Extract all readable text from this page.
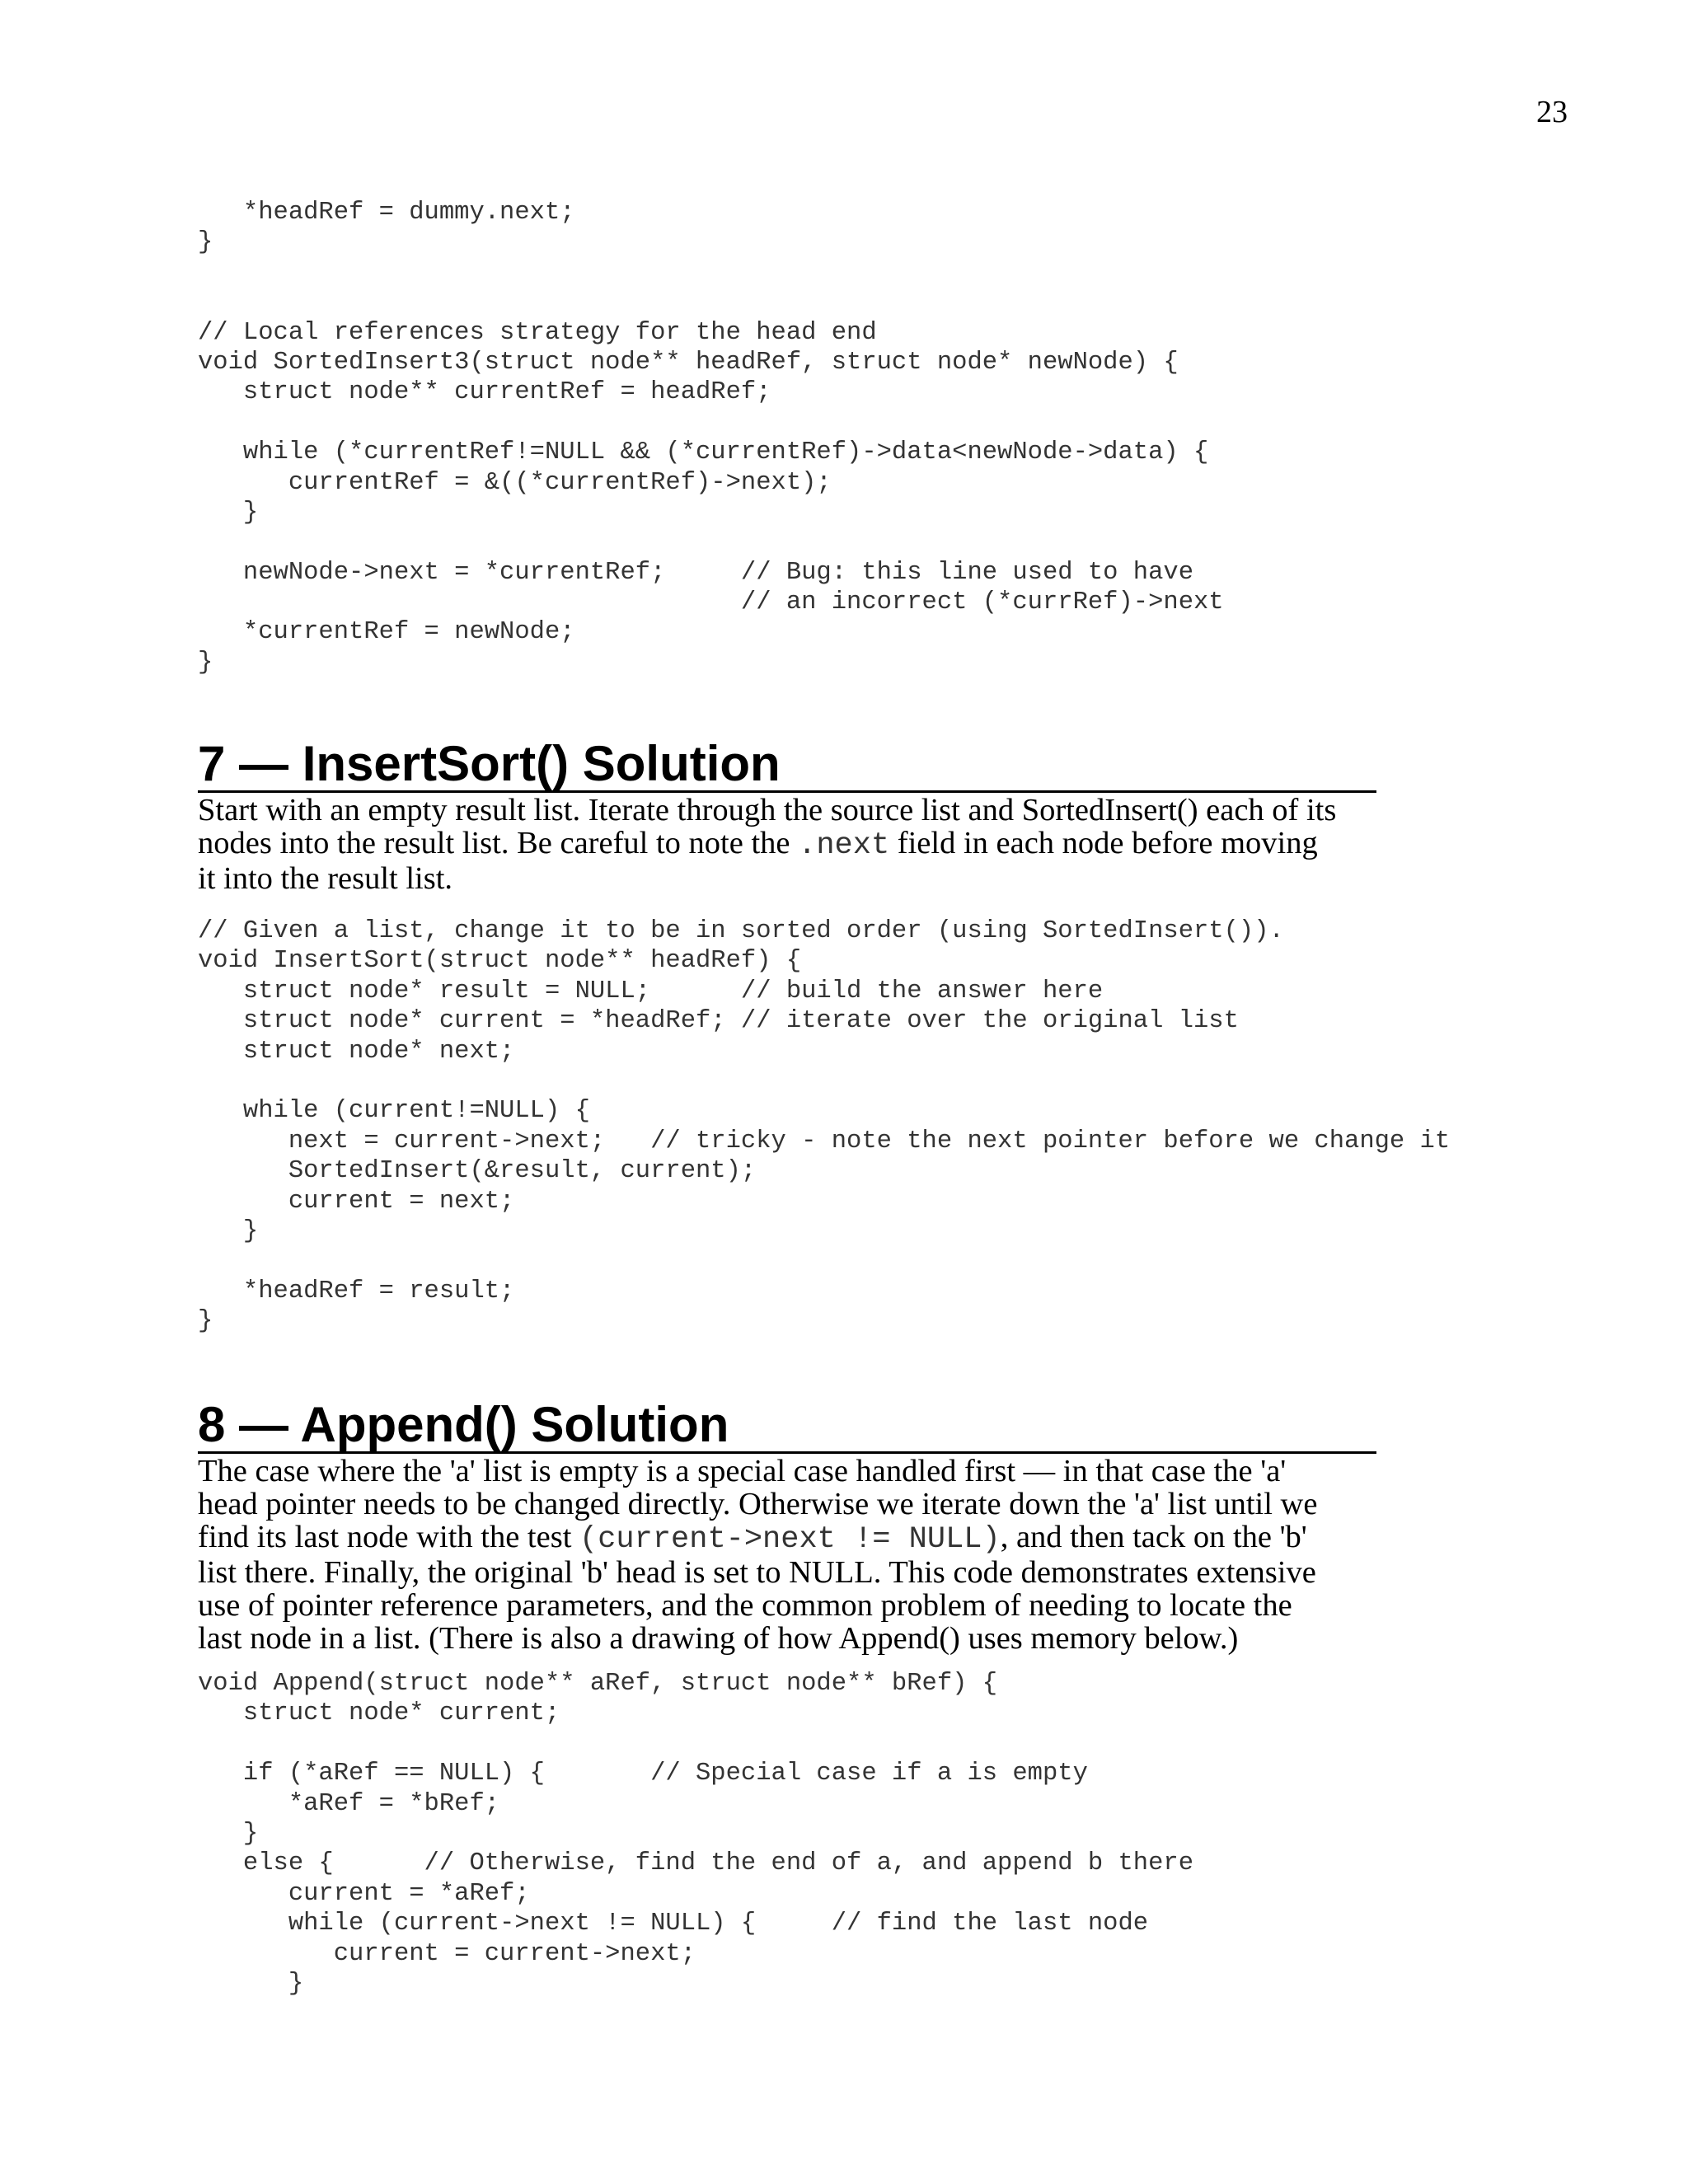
23
*headRef = dummy.next;
}
// Local references strategy for the head end
void SortedInsert3(struct node** headRef, struct node* newNode) {
struct node** currentRef = headRef;
while (*currentRef!=NULL && (*currentRef)->data<newNode->data) {
currentRef = &((*currentRef)->next);
}
newNode->next = *currentRef;     // Bug: this line used to have
// an incorrect (*currRef)->next
*currentRef = newNode;
}
7 — InsertSort() Solution
Start with an empty result list. Iterate through the source list and SortedInsert() each of its
nodes into the result list. Be careful to note the .next field in each node before moving
it into the result list.
// Given a list, change it to be in sorted order (using SortedInsert()).
void InsertSort(struct node** headRef) {
struct node* result = NULL;      // build the answer here
struct node* current = *headRef; // iterate over the original list
struct node* next;
while (current!=NULL) {
next = current->next;   // tricky - note the next pointer before we change it
SortedInsert(&result, current);
current = next;
}
*headRef = result;
}
8 — Append() Solution
The case where the 'a' list is empty is a special case handled first — in that case the 'a'
head pointer needs to be changed directly. Otherwise we iterate down the 'a' list until we
find its last node with the test (current->next != NULL), and then tack on the 'b'
list there. Finally, the original 'b' head is set to NULL. This code demonstrates extensive
use of pointer reference parameters, and the common problem of needing to locate the
last node in a list. (There is also a drawing of how Append() uses memory below.)
void Append(struct node** aRef, struct node** bRef) {
struct node* current;
if (*aRef == NULL) {       // Special case if a is empty
*aRef = *bRef;
}
else {      // Otherwise, find the end of a, and append b there
current = *aRef;
while (current->next != NULL) {     // find the last node
current = current->next;
}
